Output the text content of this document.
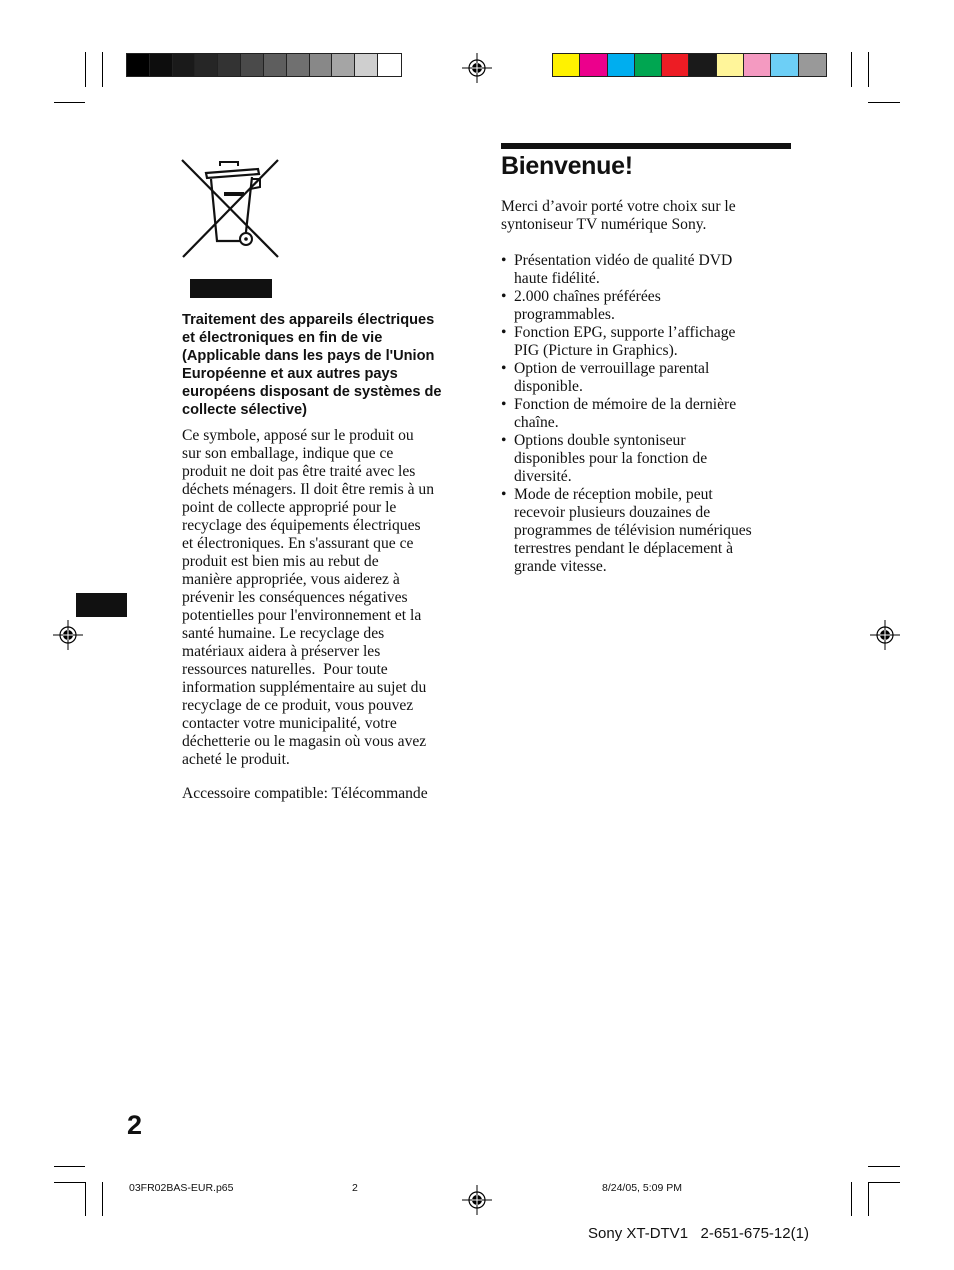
Traitement des appareils électriques
et électroniques en fin de vie
(Applicable dans les pays de l'Union
Européenne et aux autres pays
européens disposant de systèmes de
collecte sélective)
Ce symbole, apposé sur le produit ou
sur son emballage, indique que ce
produit ne doit pas être traité avec les
déchets ménagers. Il doit être remis à un
point de collecte approprié pour le
recyclage des équipements électriques
et électroniques. En s'assurant que ce
produit est bien mis au rebut de
manière appropriée, vous aiderez à
prévenir les conséquences négatives
potentielles pour l'environnement et la
santé humaine. Le recyclage des
matériaux aidera à préserver les
ressources naturelles.  Pour toute
information supplémentaire au sujet du
recyclage de ce produit, vous pouvez
contacter votre municipalité, votre
déchetterie ou le magasin où vous avez
acheté le produit.
Accessoire compatible: Télécommande
Bienvenue!
Merci d’avoir porté votre choix sur le
syntoniseur TV numérique Sony.
• Présentation vidéo de qualité DVD
haute fidélité.
• 2.000 chaînes préférées
programmables.
• Fonction EPG, supporte l’affichage
PIG (Picture in Graphics).
• Option de verrouillage parental
disponible.
• Fonction de mémoire de la dernière
chaîne.
• Options double syntoniseur
disponibles pour la fonction de
diversité.
• Mode de réception mobile, peut
recevoir plusieurs douzaines de
programmes de télévision numériques
terrestres pendant le déplacement à
grande vitesse.
2
03FR02BAS-EUR.p65	2	8/24/05, 5:09 PM
Sony XT-DTV1   2-651-675-12(1)
